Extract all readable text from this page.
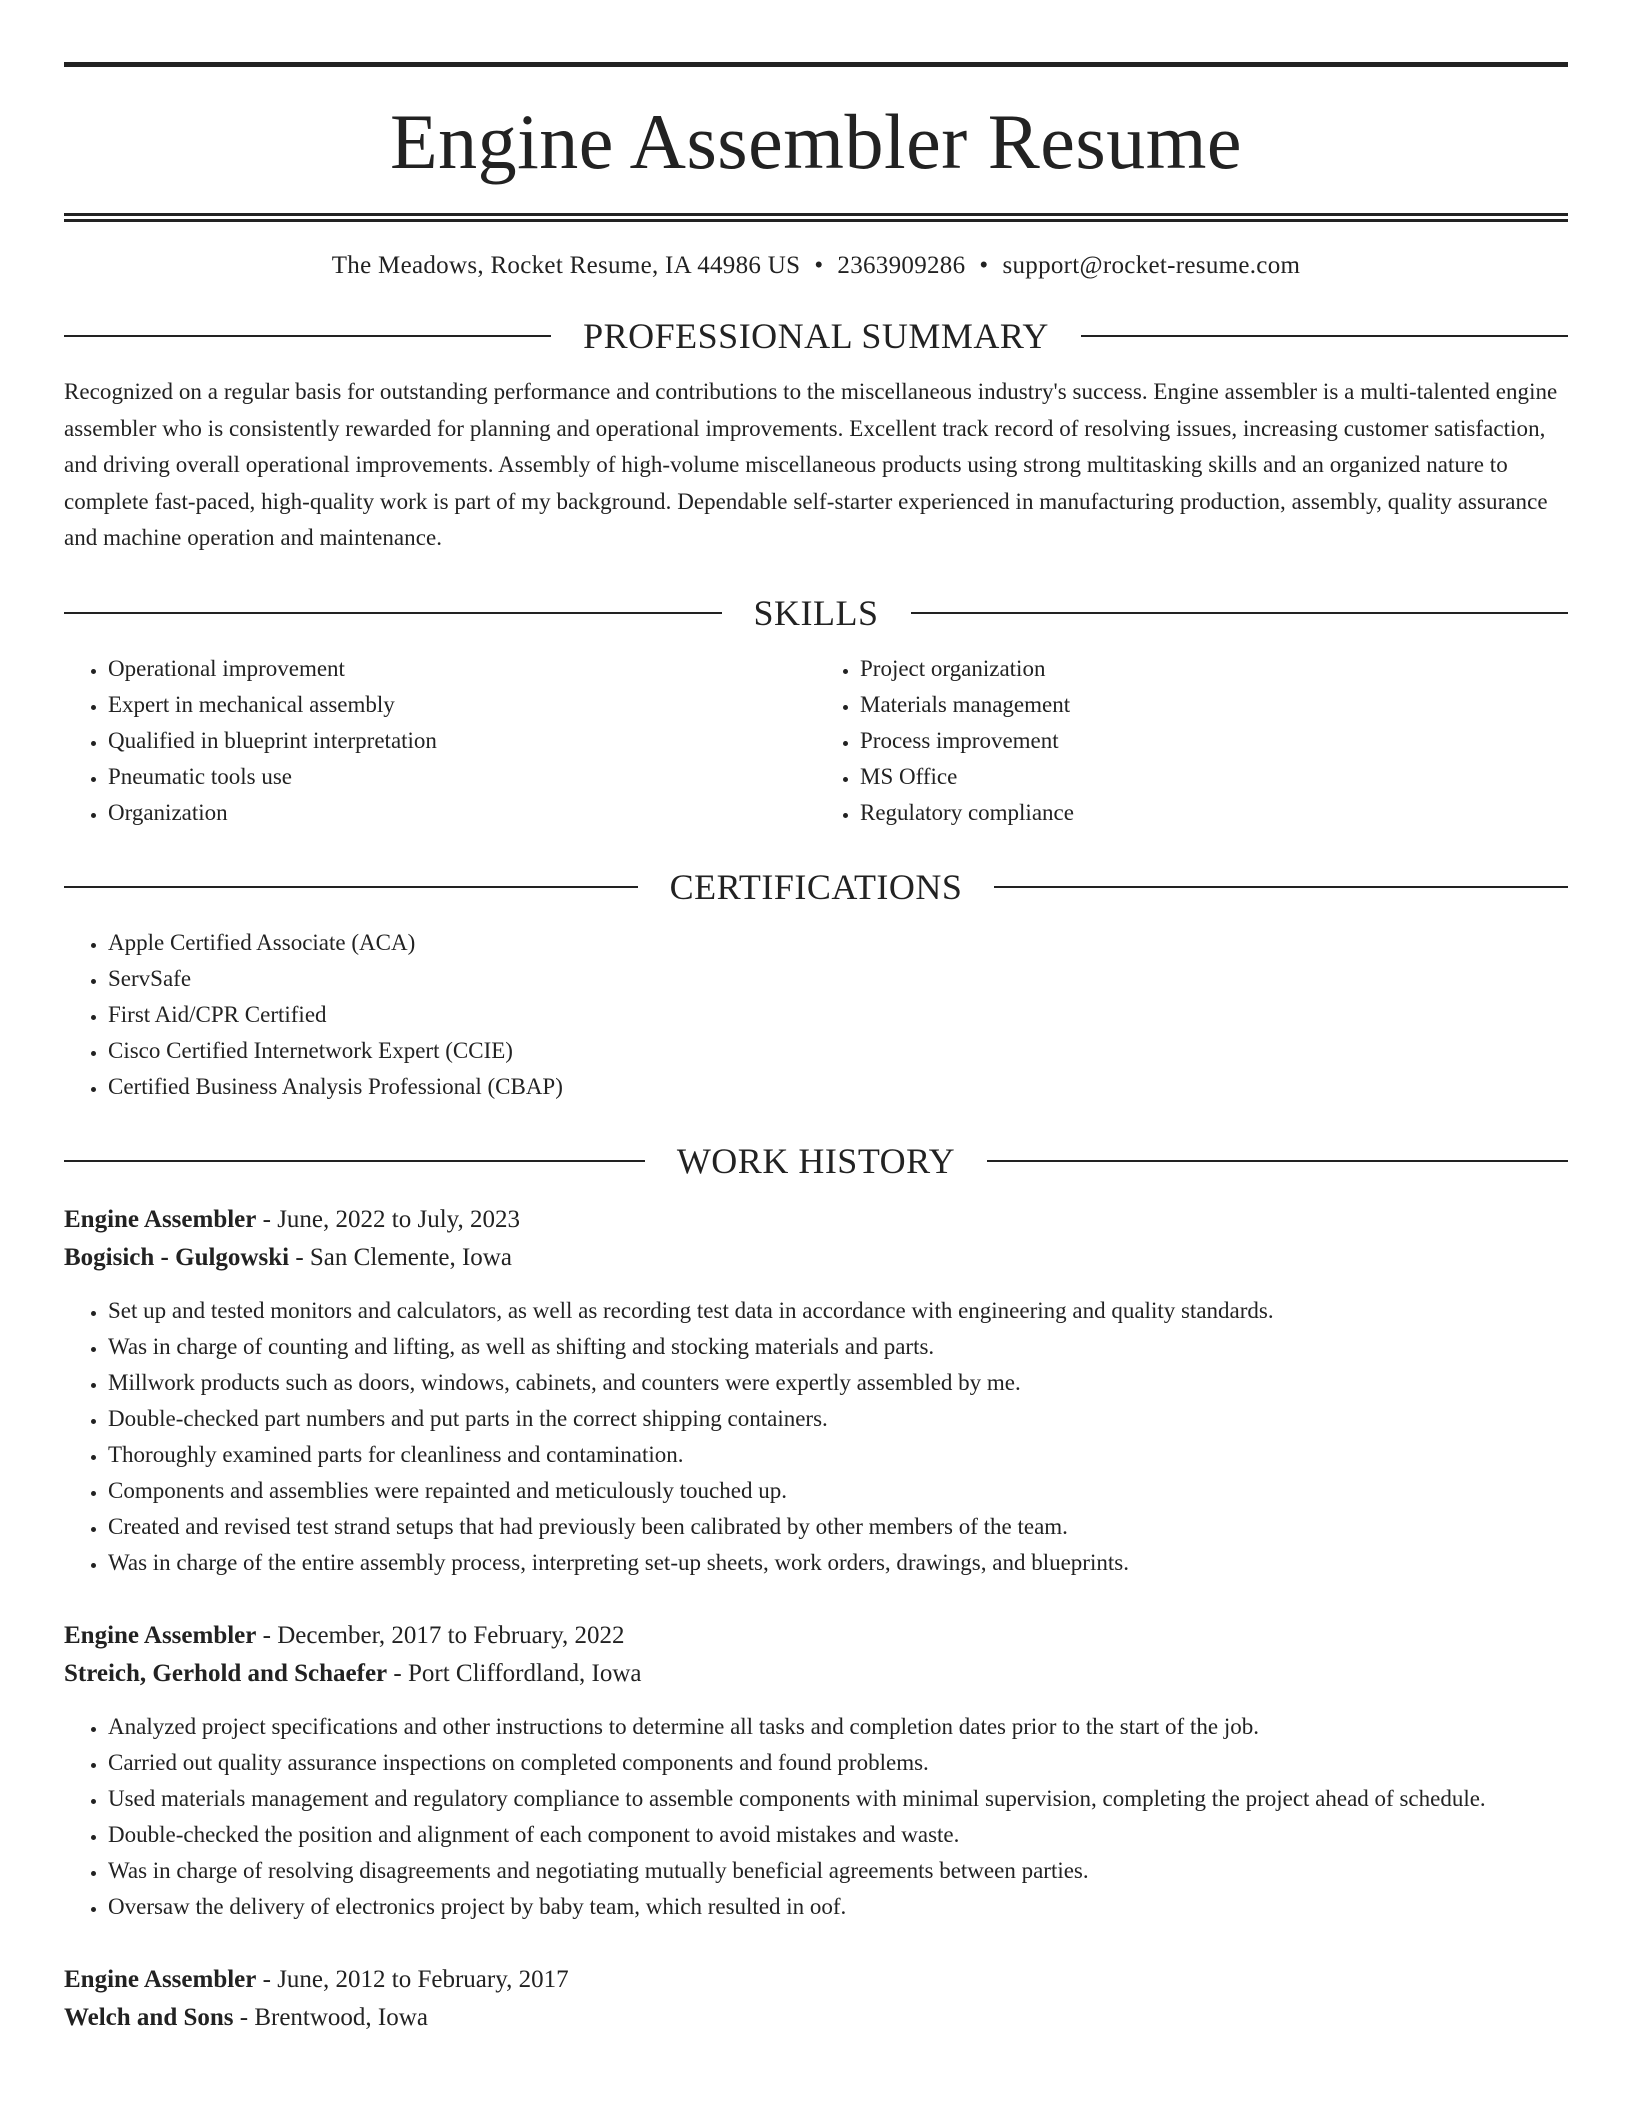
Engine Assembler Resume
The Meadows, Rocket Resume, IA 44986 US • 2363909286 • support@rocket-resume.com
PROFESSIONAL SUMMARY
Recognized on a regular basis for outstanding performance and contributions to the miscellaneous industry's success. Engine assembler is a multi-talented engine assembler who is consistently rewarded for planning and operational improvements. Excellent track record of resolving issues, increasing customer satisfaction, and driving overall operational improvements. Assembly of high-volume miscellaneous products using strong multitasking skills and an organized nature to complete fast-paced, high-quality work is part of my background. Dependable self-starter experienced in manufacturing production, assembly, quality assurance and machine operation and maintenance.
SKILLS
• Operational improvement
• Expert in mechanical assembly
• Qualified in blueprint interpretation
• Pneumatic tools use
• Organization
• Project organization
• Materials management
• Process improvement
• MS Office
• Regulatory compliance
CERTIFICATIONS
• Apple Certified Associate (ACA)
• ServSafe
• First Aid/CPR Certified
• Cisco Certified Internetwork Expert (CCIE)
• Certified Business Analysis Professional (CBAP)
WORK HISTORY
Engine Assembler - June, 2022 to July, 2023
Bogisich - Gulgowski - San Clemente, Iowa
• Set up and tested monitors and calculators, as well as recording test data in accordance with engineering and quality standards.
• Was in charge of counting and lifting, as well as shifting and stocking materials and parts.
• Millwork products such as doors, windows, cabinets, and counters were expertly assembled by me.
• Double-checked part numbers and put parts in the correct shipping containers.
• Thoroughly examined parts for cleanliness and contamination.
• Components and assemblies were repainted and meticulously touched up.
• Created and revised test strand setups that had previously been calibrated by other members of the team.
• Was in charge of the entire assembly process, interpreting set-up sheets, work orders, drawings, and blueprints.
Engine Assembler - December, 2017 to February, 2022
Streich, Gerhold and Schaefer - Port Cliffordland, Iowa
• Analyzed project specifications and other instructions to determine all tasks and completion dates prior to the start of the job.
• Carried out quality assurance inspections on completed components and found problems.
• Used materials management and regulatory compliance to assemble components with minimal supervision, completing the project ahead of schedule.
• Double-checked the position and alignment of each component to avoid mistakes and waste.
• Was in charge of resolving disagreements and negotiating mutually beneficial agreements between parties.
• Oversaw the delivery of electronics project by baby team, which resulted in oof.
Engine Assembler - June, 2012 to February, 2017
Welch and Sons - Brentwood, Iowa
